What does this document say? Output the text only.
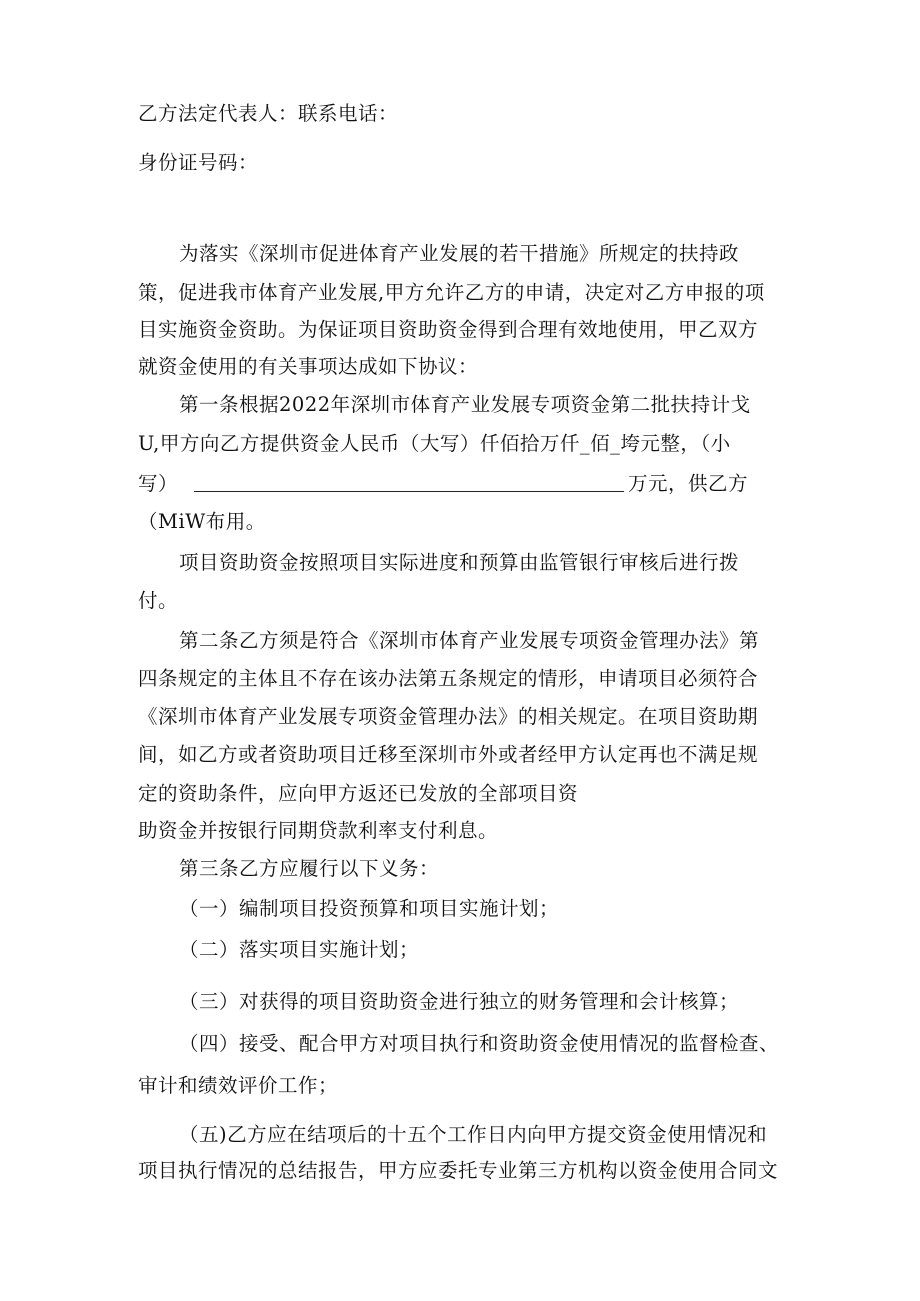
乙方法定代表人：联系电话：
身份证号码：
为落实《深圳市促进体育产业发展的若干措施》所规定的扶持政
策，促进我市体育产业发展,甲方允许乙方的申请，决定对乙方申报的项
目实施资金资助。为保证项目资助资金得到合理有效地使用，甲乙双方
就资金使用的有关事项达成如下协议：
第一条根据2022年深圳市体育产业发展专项资金第二批扶持计戈
U,甲方向乙方提供资金人民币（大写）仟佰拾万仟_佰_垮元整，（小
写）	万元，供乙方
（MiW布用。
项目资助资金按照项目实际进度和预算由监管银行审核后进行拨
付。
第二条乙方须是符合《深圳市体育产业发展专项资金管理办法》第
四条规定的主体且不存在该办法第五条规定的情形，申请项目必须符合
《深圳市体育产业发展专项资金管理办法》的相关规定。在项目资助期
间，如乙方或者资助项目迁移至深圳市外或者经甲方认定再也不满足规
定的资助条件，应向甲方返还已发放的全部项目资
助资金并按银行同期贷款利率支付利息。
第三条乙方应履行以下义务：
（一）编制项目投资预算和项目实施计划；
（二）落实项目实施计划；
（三）对获得的项目资助资金进行独立的财务管理和会计核算；
（四）接受、配合甲方对项目执行和资助资金使用情况的监督检查、
审计和绩效评价工作；
（五)乙方应在结项后的十五个工作日内向甲方提交资金使用情况和
项目执行情况的总结报告，甲方应委托专业第三方机构以资金使用合同文
